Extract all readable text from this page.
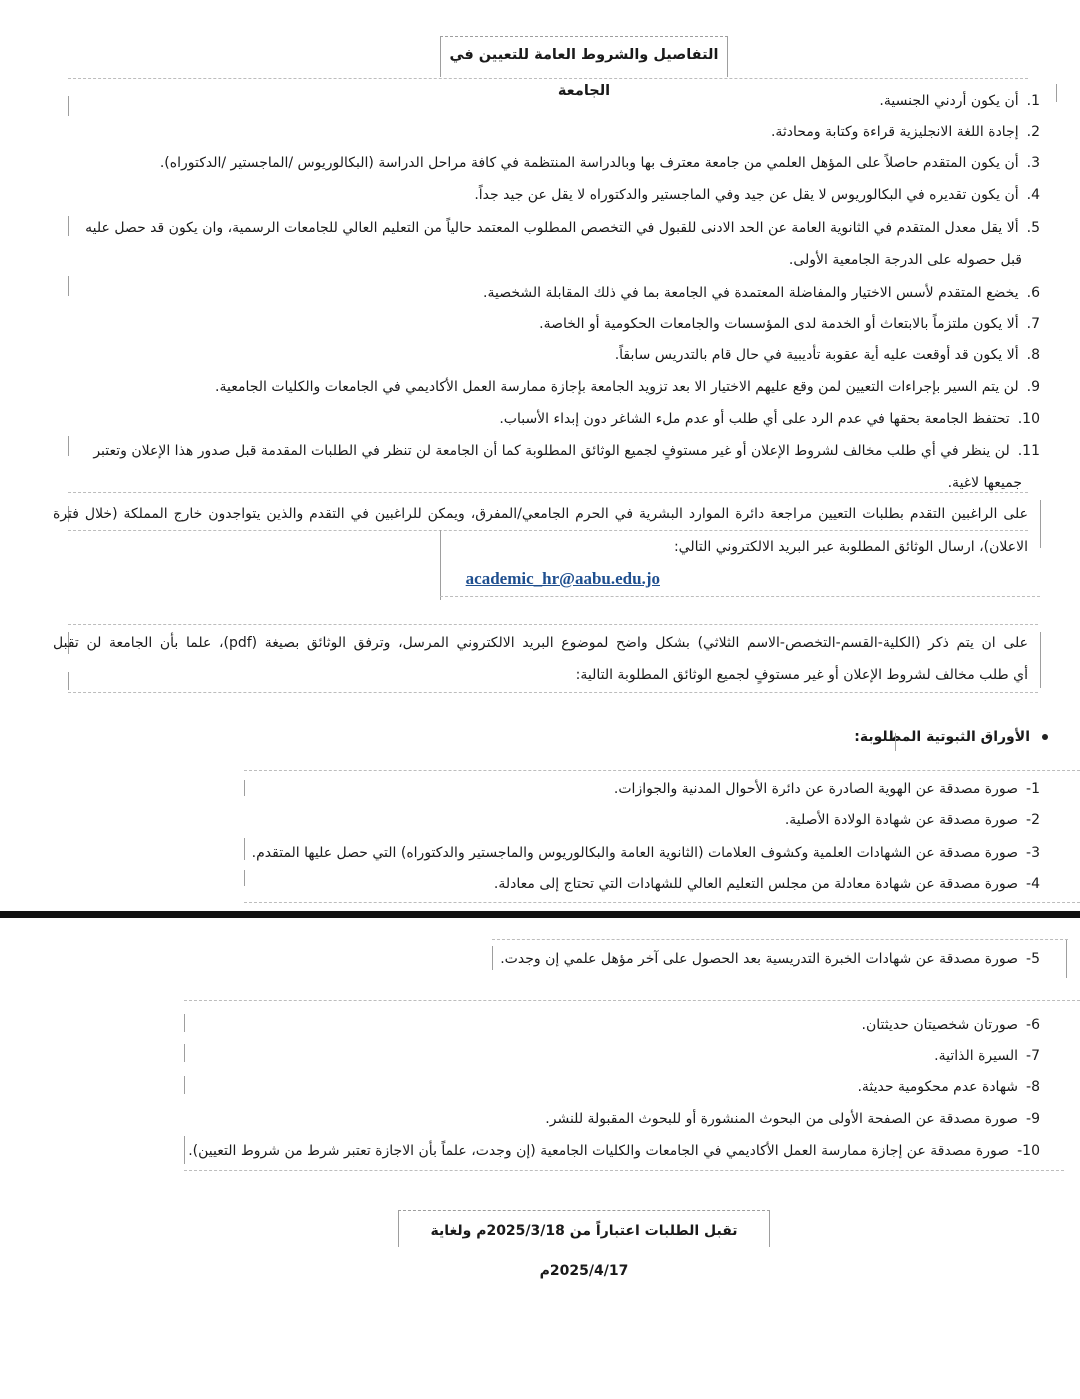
التفاصيل والشروط العامة للتعيين في الجامعة
1.أن يكون أردني الجنسية.
2.إجادة اللغة الانجليزية قراءة وكتابة ومحادثة.
3.أن يكون المتقدم حاصلاً على المؤهل العلمي من جامعة معترف بها وبالدراسة المنتظمة في كافة مراحل الدراسة (البكالوريوس /الماجستير /الدكتوراه).
4.أن يكون تقديره في البكالوريوس لا يقل عن جيد وفي الماجستير والدكتوراه لا يقل عن جيد جداً.
5.ألا يقل معدل المتقدم في الثانوية العامة عن الحد الادنى للقبول في التخصص المطلوب المعتمد حالياً من التعليم العالي للجامعات الرسمية، وان يكون قد حصل عليه
قبل حصوله على الدرجة الجامعية الأولى.
6.يخضع المتقدم لأسس الاختيار والمفاضلة المعتمدة في الجامعة بما في ذلك المقابلة الشخصية.
7.ألا يكون ملتزماً بالابتعاث أو الخدمة لدى المؤسسات والجامعات الحكومية أو الخاصة.
8.ألا يكون قد أوقعت عليه أية عقوبة تأديبية في حال قام بالتدريس سابقاً.
9.لن يتم السير بإجراءات التعيين لمن وقع عليهم الاختيار الا بعد تزويد الجامعة بإجازة ممارسة العمل الأكاديمي في الجامعات والكليات الجامعية.
10.تحتفظ الجامعة بحقها في عدم الرد على أي طلب أو عدم ملء الشاغر دون إبداء الأسباب.
11.لن ينظر في أي طلب مخالف لشروط الإعلان أو غير مستوفٍ لجميع الوثائق المطلوبة كما أن الجامعة لن تنظر في الطلبات المقدمة قبل صدور هذا الإعلان وتعتبر
جميعها لاغية.
على الراغبين التقدم بطلبات التعيين مراجعة دائرة الموارد البشرية في الحرم الجامعي/المفرق، ويمكن للراغبين في التقدم والذين يتواجدون خارج المملكة (خلال فترة
الاعلان)، ارسال الوثائق المطلوبة عبر البريد الالكتروني التالي:
academic_hr@aabu.edu.jo
على ان يتم ذكر (الكلية-القسم-التخصص-الاسم الثلاثي) بشكل واضح لموضوع البريد الالكتروني المرسل، وترفق الوثائق بصيغة (pdf)، علما بأن الجامعة لن تقبل
أي طلب مخالف لشروط الإعلان أو غير مستوفٍ لجميع الوثائق المطلوبة التالية:
الأوراق الثبوتية المطلوبة:
1-صورة مصدقة عن الهوية الصادرة عن دائرة الأحوال المدنية والجوازات.
2-صورة مصدقة عن شهادة الولادة الأصلية.
3-صورة مصدقة عن الشهادات العلمية وكشوف العلامات (الثانوية العامة والبكالوريوس والماجستير والدكتوراه) التي حصل عليها المتقدم.
4-صورة مصدقة عن شهادة معادلة من مجلس التعليم العالي للشهادات التي تحتاج إلى معادلة.
5-صورة مصدقة عن شهادات الخبرة التدريسية بعد الحصول على آخر مؤهل علمي إن وجدت.
6-صورتان شخصيتان حديثتان.
7-السيرة الذاتية.
8-شهادة عدم محكومية حديثة.
9-صورة مصدقة عن الصفحة الأولى من البحوث المنشورة أو للبحوث المقبولة للنشر.
10-صورة مصدقة عن إجازة ممارسة العمل الأكاديمي في الجامعات والكليات الجامعية (إن وجدت، علماً بأن الاجازة تعتبر شرط من شروط التعيين).
تقبل الطلبات اعتباراً من 2025/3/18م ولغاية 2025/4/17م
